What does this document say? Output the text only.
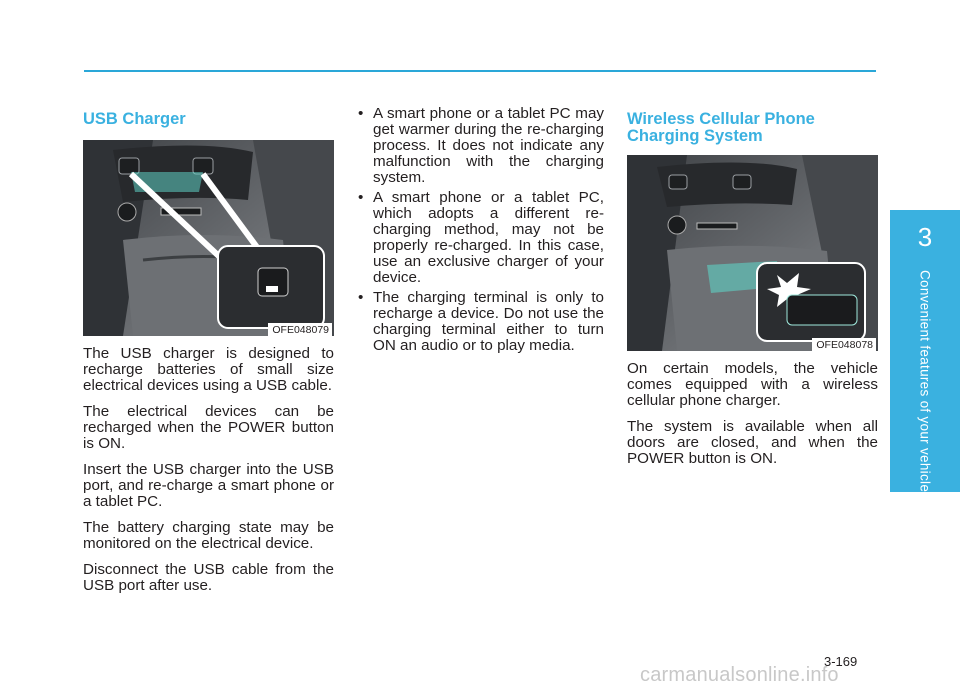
USB Charger
OFE048079

The USB charger is designed to recharge batteries of small size electrical devices using a USB cable.

The electrical devices can be recharged when the POWER button is ON.

Insert the USB charger into the USB port, and re-charge a smart phone or a tablet PC.

The battery charging state may be monitored on the electrical device.

Disconnect the USB cable from the USB port after use.

• A smart phone or a tablet PC may get warmer during the re-charging process. It does not indicate any malfunction with the charging system.
• A smart phone or a tablet PC, which adopts a different re-charging method, may not be properly re-charged. In this case, use an exclusive charger of your device.
• The charging terminal is only to recharge a device. Do not use the charging terminal either to turn ON an audio or to play media.
Wireless Cellular Phone
Charging System
OFE048078

On certain models, the vehicle comes equipped with a wireless cellular phone charger.

The system is available when all doors are closed, and when the POWER button is ON.

3
Convenient features of your vehicle
3-169
carmanualsonline.info
